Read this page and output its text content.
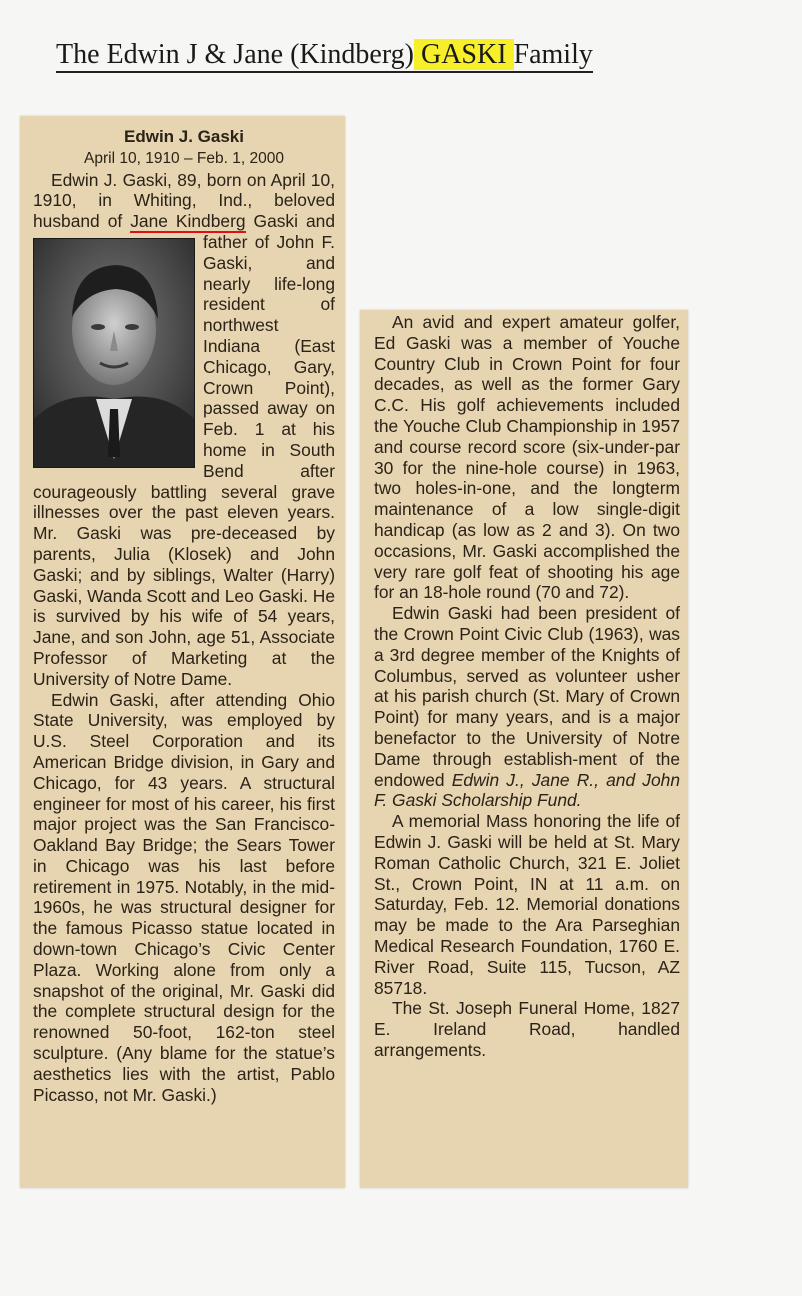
The Edwin J & Jane (Kindberg) GASKI Family

Edwin J. Gaski

April 10, 1910 – Feb. 1, 2000

Edwin J. Gaski, 89, born on April 10, 1910, in Whiting, Ind., beloved husband of Jane Kindberg
Gaski and father of John F. Gaski, and nearly life-long resident of northwest Indiana (East Chicago, Gary, Crown Point), passed away on Feb. 1 at his home in South Bend after courageously battling several grave illnesses over the past eleven years. Mr. Gaski was pre-deceased by parents, Julia (Klosek) and John Gaski; and by siblings, Walter (Harry) Gaski, Wanda Scott and Leo Gaski. He is survived by his wife of 54 years, Jane, and son John, age 51, Associate Professor of Marketing at the University of Notre Dame.

Edwin Gaski, after attending Ohio State University, was employed by U.S. Steel Corporation and its American Bridge division, in Gary and Chicago, for 43 years. A structural engineer for most of his career, his first major project was the San Francisco-Oakland Bay Bridge; the Sears Tower in Chicago was his last before retirement in 1975. Notably, in the mid-1960s, he was structural designer for the famous Picasso statue located in down-town Chicago’s Civic Center Plaza. Working alone from only a snapshot of the original, Mr. Gaski did the complete structural design for the renowned 50-foot, 162-ton steel sculpture. (Any blame for the statue’s aesthetics lies with the artist, Pablo Picasso, not Mr. Gaski.)

An avid and expert amateur golfer, Ed Gaski was a member of Youche Country Club in Crown Point for four decades, as well as the former Gary C.C. His golf achievements included the Youche Club Championship in 1957 and course record score (six-under-par 30 for the nine-hole course) in 1963, two holes-in-one, and the longterm maintenance of a low single-digit handicap (as low as 2 and 3). On two occasions, Mr. Gaski accomplished the very rare golf feat of shooting his age for an 18-hole round (70 and 72).

Edwin Gaski had been president of the Crown Point Civic Club (1963), was a 3rd degree member of the Knights of Columbus, served as volunteer usher at his parish church (St. Mary of Crown Point) for many years, and is a major benefactor to the University of Notre Dame through establish-ment of the endowed Edwin J., Jane R., and John F. Gaski Scholarship Fund.

A memorial Mass honoring the life of Edwin J. Gaski will be held at St. Mary Roman Catholic Church, 321 E. Joliet St., Crown Point, IN at 11 a.m. on Saturday, Feb. 12. Memorial donations may be made to the Ara Parseghian Medical Research Foundation, 1760 E. River Road, Suite 115, Tucson, AZ 85718.

The St. Joseph Funeral Home, 1827 E. Ireland Road, handled arrangements.
